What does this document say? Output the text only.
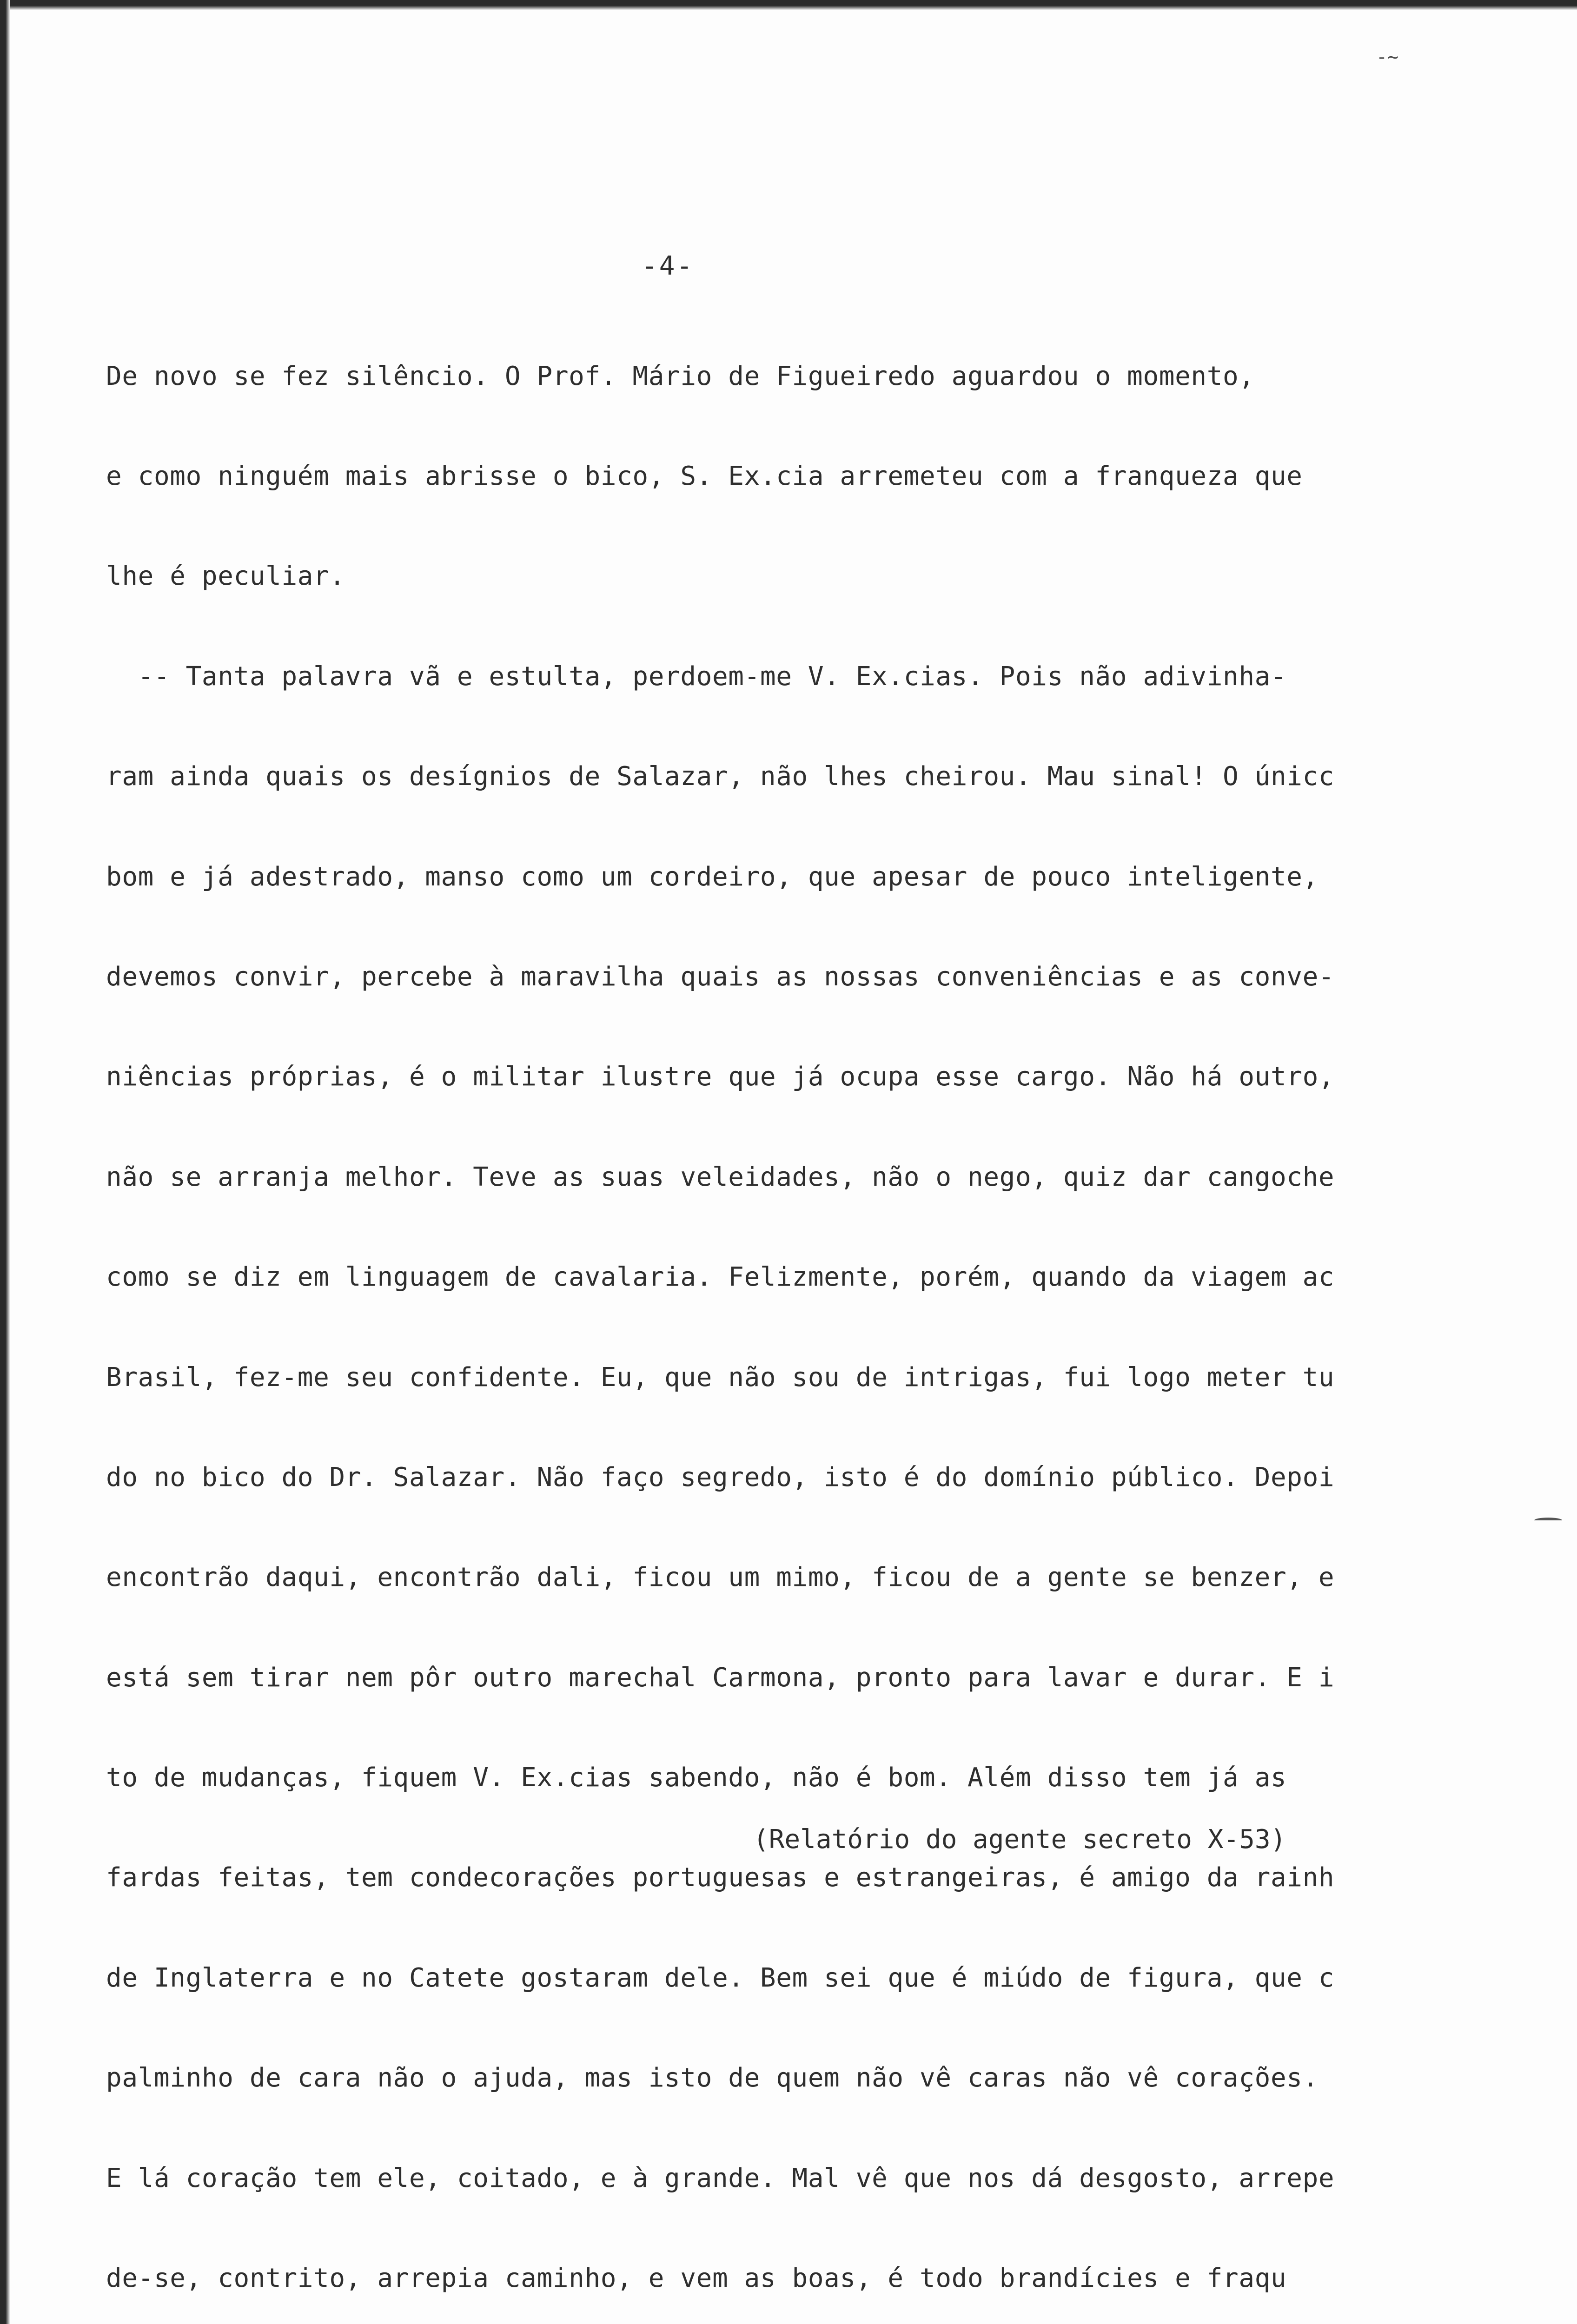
-~
-4-

De novo se fez silêncio. O Prof. Mário de Figueiredo aguardou o momento,

e como ninguém mais abrisse o bico, S. Ex.cia arremeteu com a franqueza que

lhe é peculiar.

-- Tanta palavra vã e estulta, perdoem-me V. Ex.cias. Pois não adivinha-

ram ainda quais os desígnios de Salazar, não lhes cheirou. Mau sinal! O únicc

bom e já adestrado, manso como um cordeiro, que apesar de pouco inteligente,

devemos convir, percebe à maravilha quais as nossas conveniências e as conve-

niências próprias, é o militar ilustre que já ocupa esse cargo. Não há outro,

não se arranja melhor. Teve as suas veleidades, não o nego, quiz dar cangoche

como se diz em linguagem de cavalaria. Felizmente, porém, quando da viagem ac

Brasil, fez-me seu confidente. Eu, que não sou de intrigas, fui logo meter tu

do no bico do Dr. Salazar. Não faço segredo, isto é do domínio público. Depoi

encontrão daqui, encontrão dali, ficou um mimo, ficou de a gente se benzer, e

está sem tirar nem pôr outro marechal Carmona, pronto para lavar e durar. E i

to de mudanças, fiquem V. Ex.cias sabendo, não é bom. Além disso tem já as

fardas feitas, tem condecorações portuguesas e estrangeiras, é amigo da rainh

de Inglaterra e no Catete gostaram dele. Bem sei que é miúdo de figura, que c

palminho de cara não o ajuda, mas isto de quem não vê caras não vê corações.

E lá coração tem ele, coitado, e à grande. Mal vê que nos dá desgosto, arrepe

de-se, contrito, arrepia caminho, e vem as boas, é todo brandícies e fraqu

(Relatório do agente secreto X-53)
